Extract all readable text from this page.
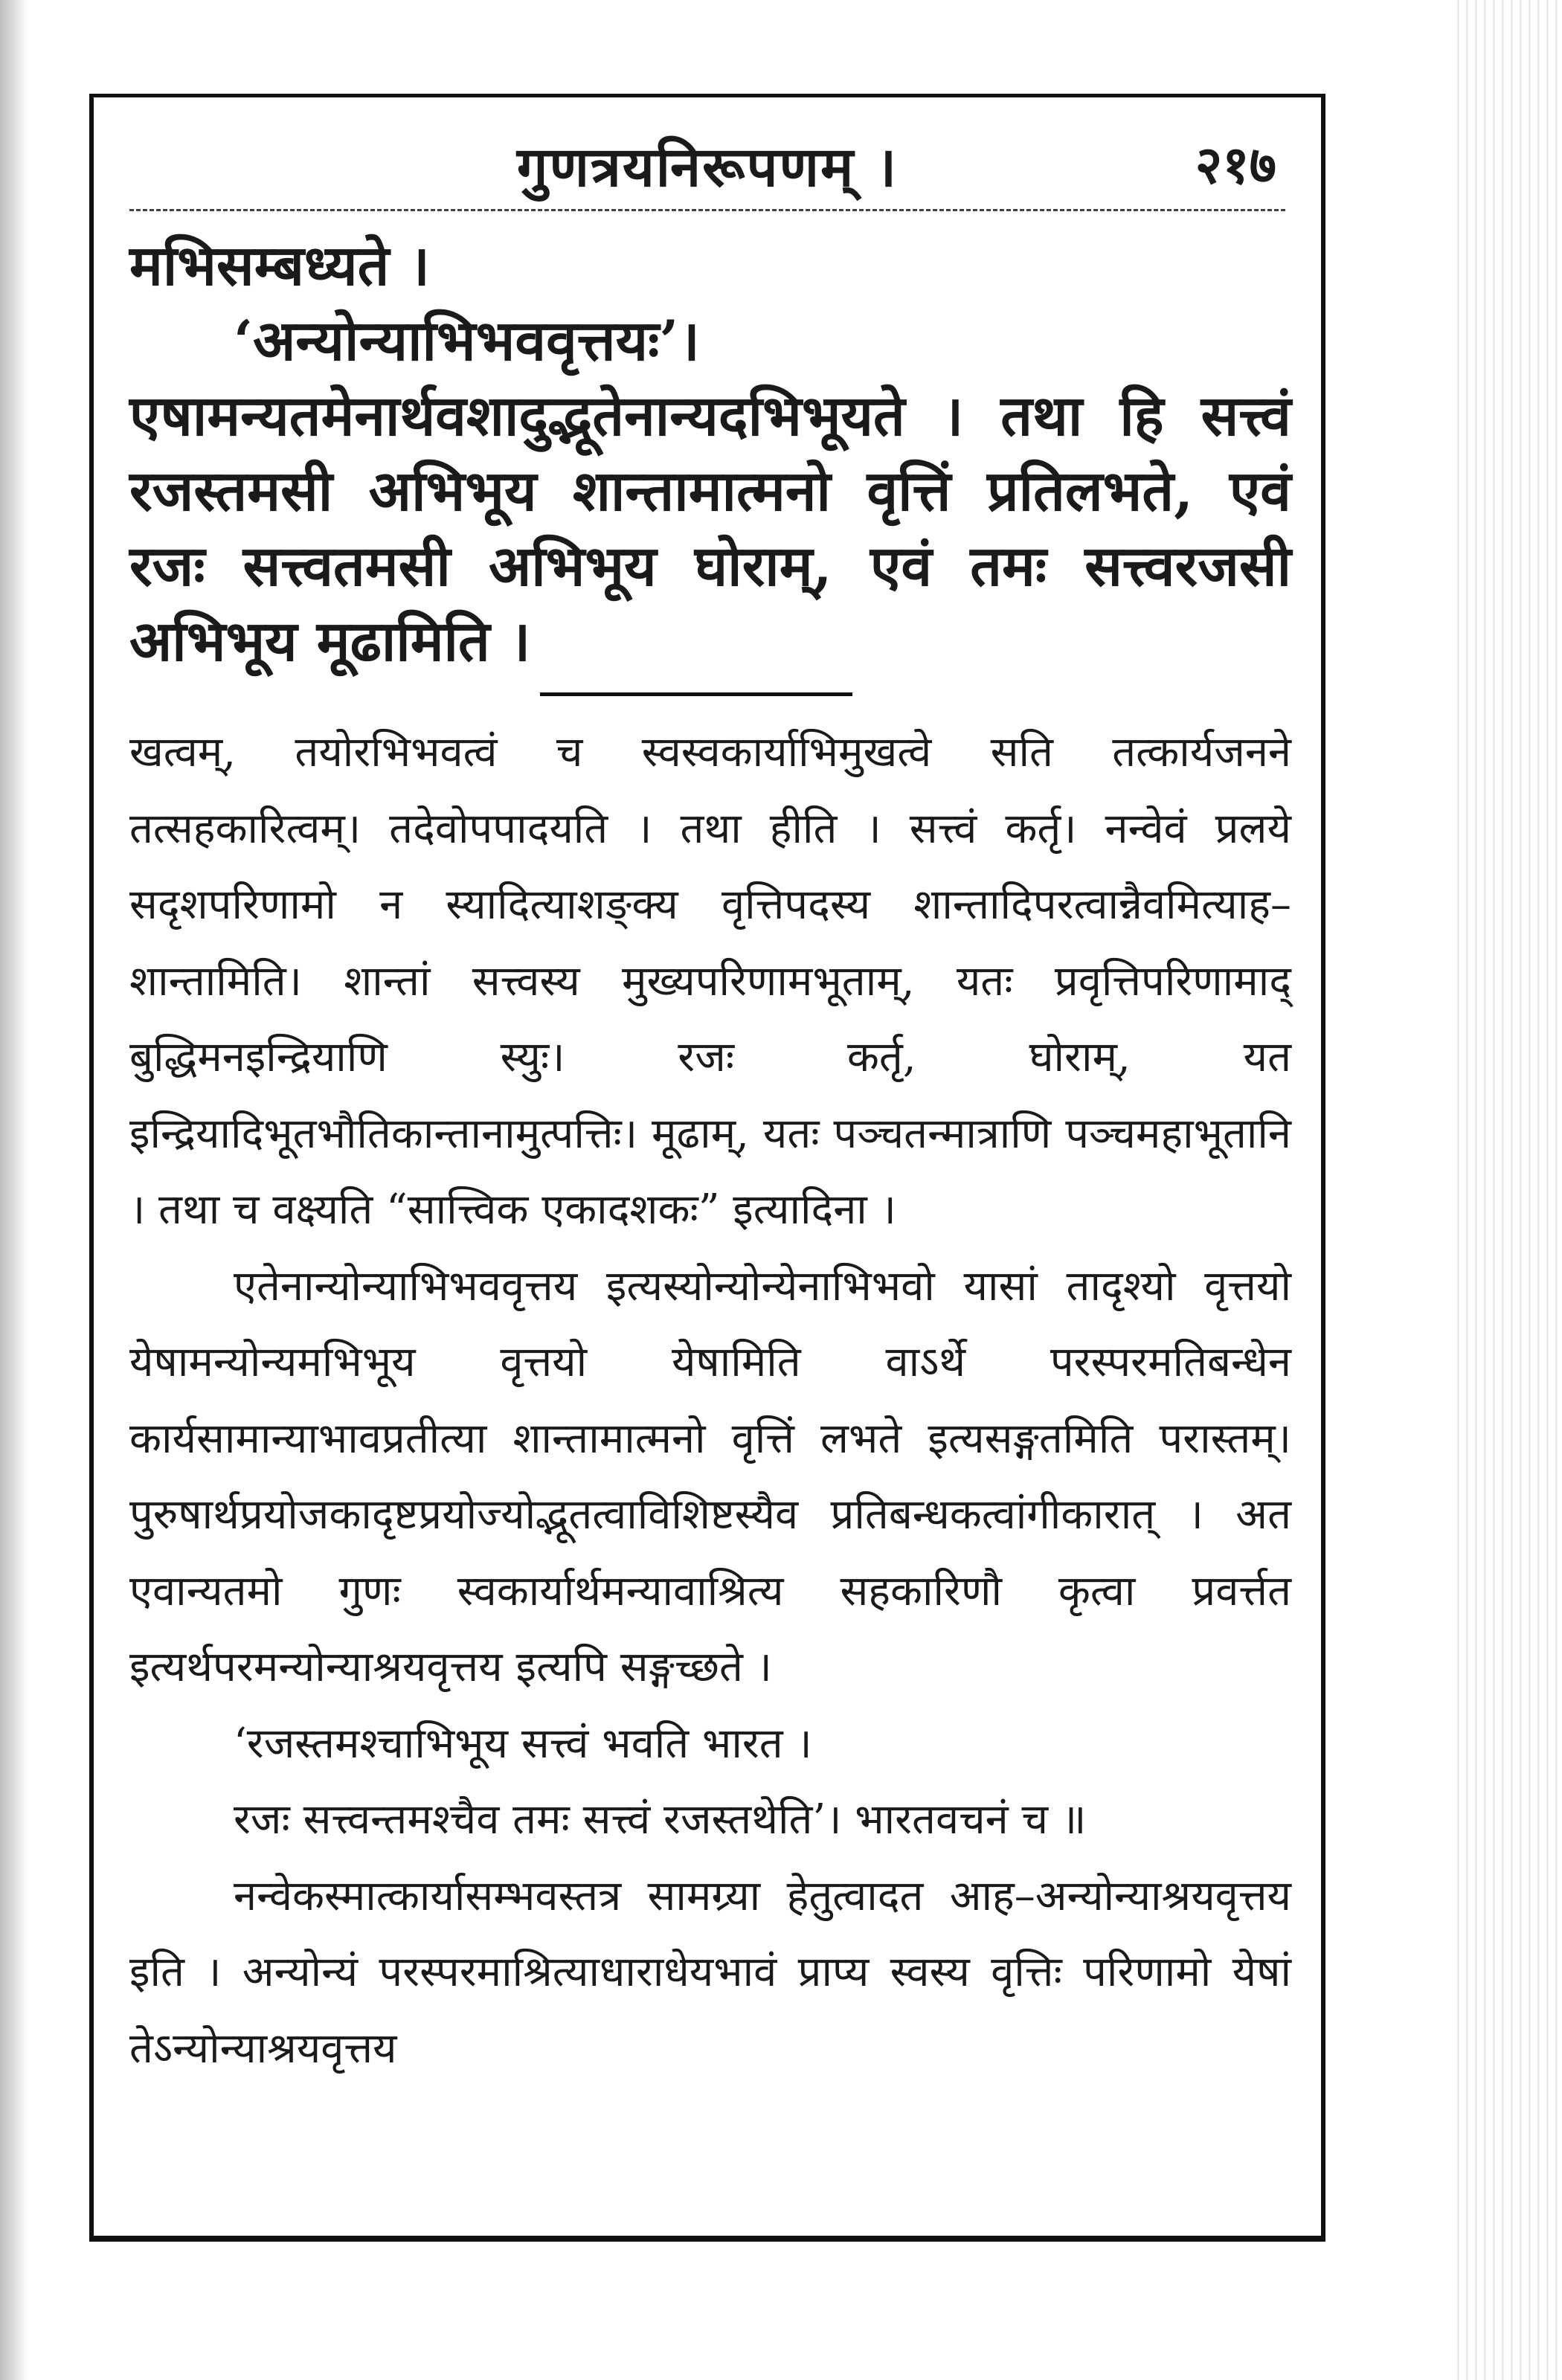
गुणत्रयनिरूपणम् ।	२१७

मभिसम्बध्यते ।

‘अन्योन्याभिभववृत्तयः’। एषामन्यतमेनार्थवशादुद्भूतेनान्यदभिभूयते । तथा हि सत्त्वं रजस्तमसी अभिभूय शान्तामात्मनो वृत्तिं प्रतिलभते, एवं रजः सत्त्वतमसी अभिभूय घोराम्, एवं तमः सत्त्वरजसी अभिभूय मूढामिति ।

खत्वम्, तयोरभिभवत्वं च स्वस्वकार्याभिमुखत्वे सति तत्कार्यजनने तत्सहकारित्वम्। तदेवोपपादयति । तथा हीति । सत्त्वं कर्तृ। नन्वेवं प्रलये सदृशपरिणामो न स्यादित्याशङ्क्य वृत्तिपदस्य शान्तादिपरत्वान्नैवमित्याह–शान्तामिति। शान्तां सत्त्वस्य मुख्यपरिणामभूताम्, यतः प्रवृत्तिपरिणामाद् बुद्धिमनइन्द्रियाणि स्युः। रजः कर्तृ, घोराम्, यत इन्द्रियादिभूतभौतिकान्तानामुत्पत्तिः। मूढाम्, यतः पञ्चतन्मात्राणि पञ्चमहाभूतानि । तथा च वक्ष्यति “सात्त्विक एकादशकः” इत्यादिना ।

एतेनान्योन्याभिभववृत्तय इत्यस्योन्योन्येनाभिभवो यासां तादृश्यो वृत्तयो येषामन्योन्यमभिभूय वृत्तयो येषामिति वाऽर्थे परस्परमतिबन्धेन कार्यसामान्याभावप्रतीत्या शान्तामात्मनो वृत्तिं लभते इत्यसङ्गतमिति परास्तम्। पुरुषार्थप्रयोजकादृष्टप्रयोज्योद्भूतत्वाविशिष्टस्यैव प्रतिबन्धकत्वांगीकारात् । अत एवान्यतमो गुणः स्वकार्यार्थमन्यावाश्रित्य सहकारिणौ कृत्वा प्रवर्त्तत इत्यर्थपरमन्योन्याश्रयवृत्तय इत्यपि सङ्गच्छते ।

‘रजस्तमश्चाभिभूय सत्त्वं भवति भारत ।

रजः सत्त्वन्तमश्चैव तमः सत्त्वं रजस्तथेति’। भारतवचनं च ॥

नन्वेकस्मात्कार्यासम्भवस्तत्र सामग्र्या हेतुत्वादत आह–अन्योन्याश्रयवृत्तय इति । अन्योन्यं परस्परमाश्रित्याधाराधेयभावं प्राप्य स्वस्य वृत्तिः परिणामो येषां तेऽन्योन्याश्रयवृत्तय
